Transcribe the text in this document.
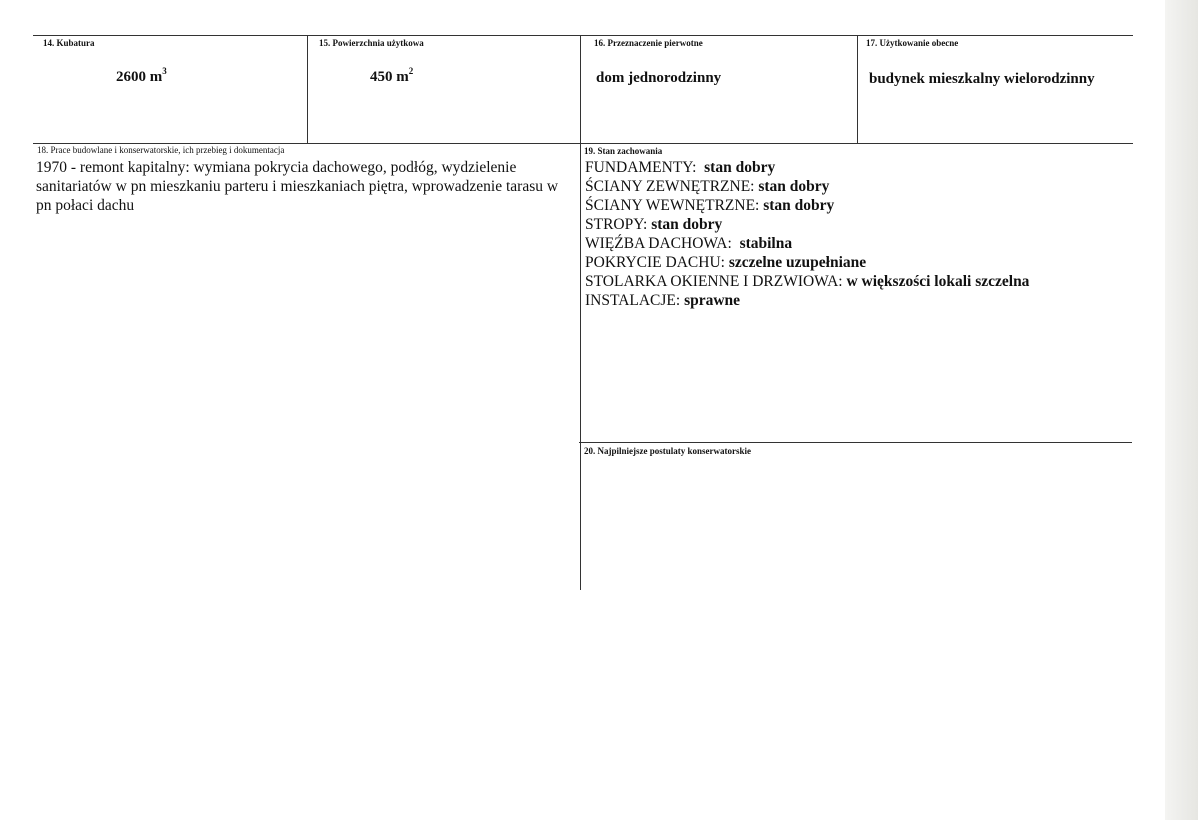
14. Kubatura
2600 $m^3$
15. Powierzchnia użytkowa
450 $m^2$
16. Przeznaczenie pierwotne
dom jednorodzinny
17. Użytkowanie obecne
budynek mieszkalny wielorodzinny
18. Prace budowlane i konserwatorskie, ich przebieg i dokumentacja
1970 - remont kapitalny: wymiana pokrycia dachowego, podłóg, wydzielenie sanitariatów w pn mieszkaniu parteru i mieszkaniach piętra, wprowadzenie tarasu w pn połaci dachu
19. Stan zachowania
FUNDAMENTY: stan dobry
ŚCIANY ZEWNĘTRZNE: stan dobry
ŚCIANY WEWNĘTRZNE: stan dobry
STROPY: stan dobry
WIĘŹBA DACHOWA: stabilna
POKRYCIE DACHU: szczelne uzupełniane
STOLARKA OKIENNE I DRZWIOWA: w większości lokali szczelna
INSTALACJE: sprawne
20. Najpilniejsze postulaty konserwatorskie
